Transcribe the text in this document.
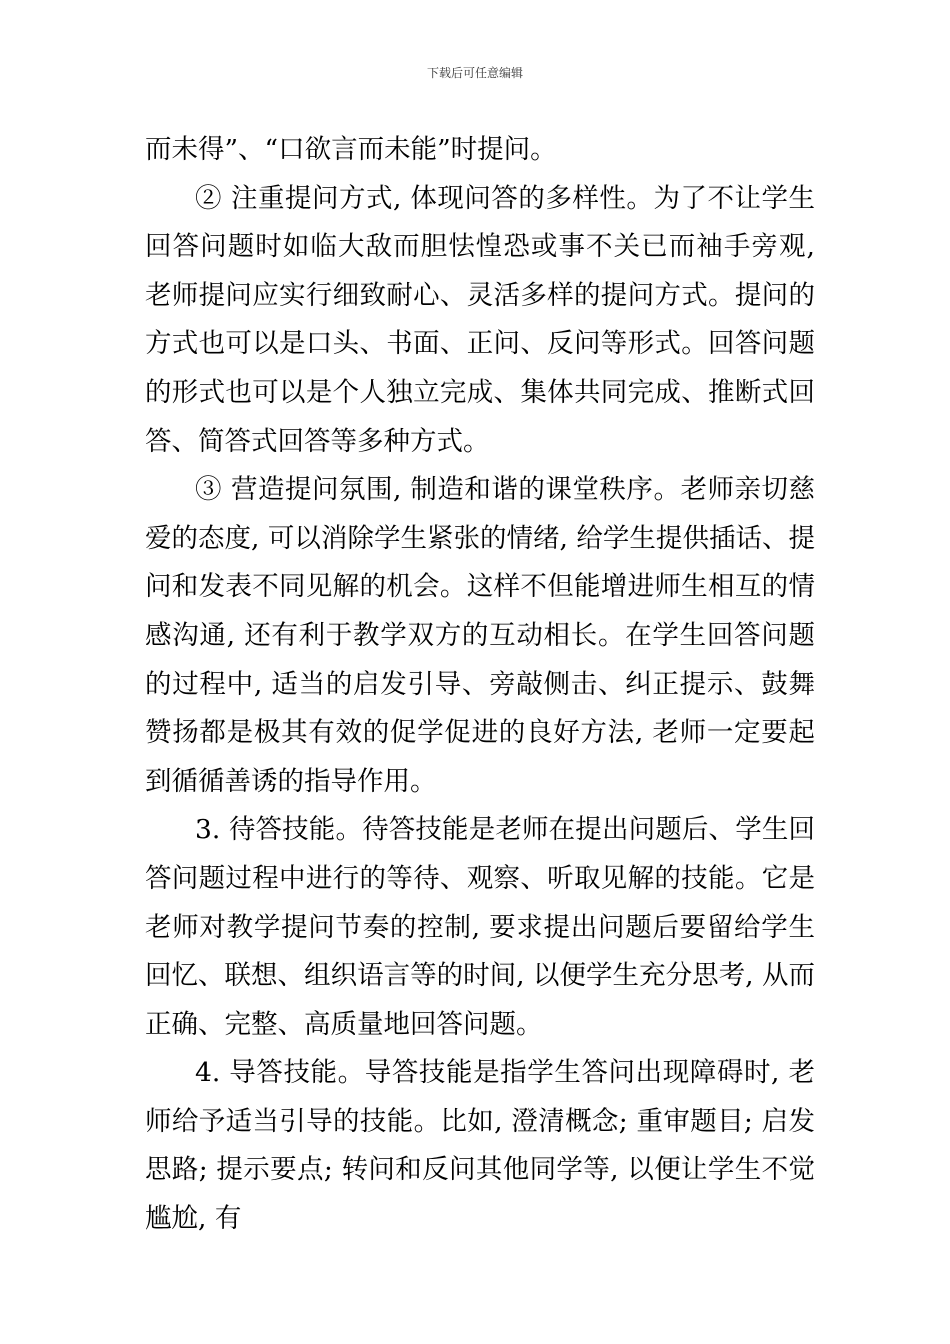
下载后可任意编辑

而未得”、“口欲言而未能”时提问。

② 注重提问方式, 体现问答的多样性。为了不让学生回答问题时如临大敌而胆怯惶恐或事不关已而袖手旁观, 老师提问应实行细致耐心、灵活多样的提问方式。提问的方式也可以是口头、书面、正问、反问等形式。回答问题的形式也可以是个人独立完成、集体共同完成、推断式回答、简答式回答等多种方式。

③ 营造提问氛围, 制造和谐的课堂秩序。老师亲切慈爱的态度, 可以消除学生紧张的情绪, 给学生提供插话、提问和发表不同见解的机会。这样不但能增进师生相互的情感沟通, 还有利于教学双方的互动相长。在学生回答问题的过程中, 适当的启发引导、旁敲侧击、纠正提示、鼓舞赞扬都是极其有效的促学促进的良好方法, 老师一定要起到循循善诱的指导作用。

3. 待答技能。待答技能是老师在提出问题后、学生回答问题过程中进行的等待、观察、听取见解的技能。它是老师对教学提问节奏的控制, 要求提出问题后要留给学生回忆、联想、组织语言等的时间, 以便学生充分思考, 从而正确、完整、高质量地回答问题。

4. 导答技能。导答技能是指学生答问出现障碍时, 老师给予适当引导的技能。比如, 澄清概念; 重审题目; 启发思路; 提示要点; 转问和反问其他同学等, 以便让学生不觉尴尬, 有
